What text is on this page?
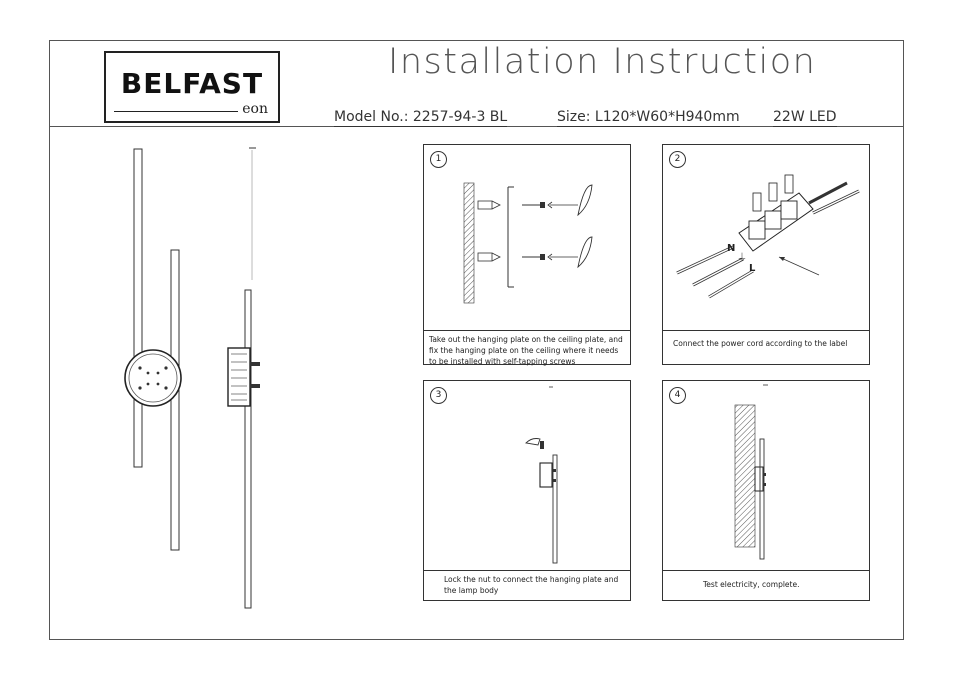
BELFAST
eon
Installation Instruction
Model No.: 2257-94-3 BL	Size: L120*W60*H940mm 22W LED
1
Take out the hanging plate on the ceiling plate, and fix the hanging plate on the ceiling where it needs to be installed with self-tapping screws
2
N
⏚
L
Connect the power cord according to the label
3
Lock the nut to connect the hanging plate and the lamp body
4
Test electricity, complete.
